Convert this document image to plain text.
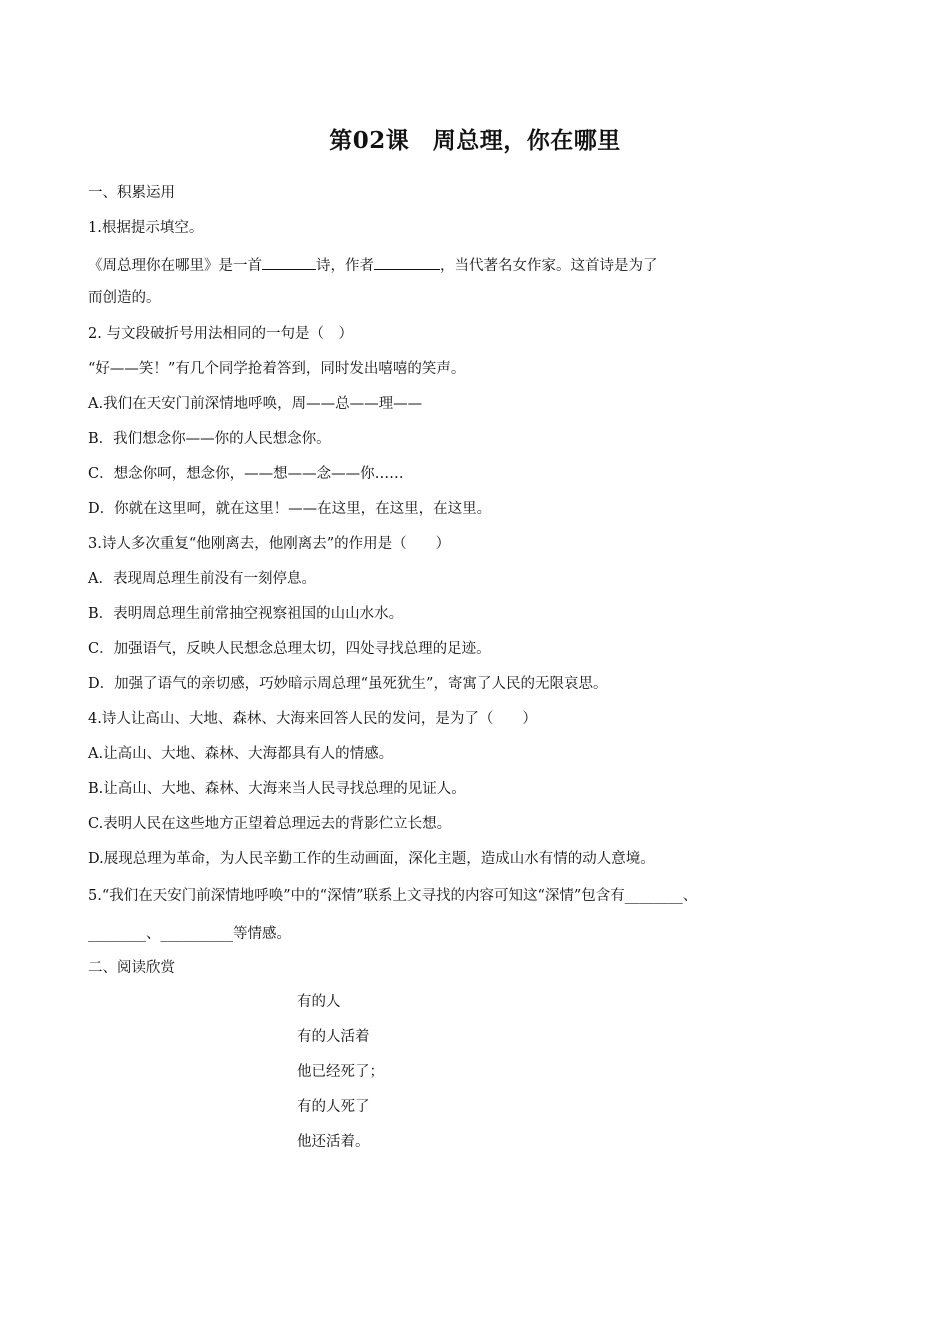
第02课　周总理，你在哪里
一、积累运用
1.根据提示填空。
《周总理你在哪里》是一首	诗，作者	，当代著名女作家。这首诗是为了
而创造的。
2. 与文段破折号用法相同的一句是（　）
“好——笑！”有几个同学抢着答到，同时发出嘻嘻的笑声。
A.我们在天安门前深情地呼唤，周——总——理——
B．我们想念你——你的人民想念你。
C．想念你呵，想念你，——想——念——你……
D．你就在这里呵，就在这里！——在这里，在这里，在这里。
3.诗人多次重复“他刚离去，他刚离去”的作用是（　　）
A．表现周总理生前没有一刻停息。
B．表明周总理生前常抽空视察祖国的山山水水。
C．加强语气，反映人民想念总理太切，四处寻找总理的足迹。
D．加强了语气的亲切感，巧妙暗示周总理“虽死犹生”，寄寓了人民的无限哀思。
4.诗人让高山、大地、森林、大海来回答人民的发问，是为了（　　）
A.让高山、大地、森林、大海都具有人的情感。
B.让高山、大地、森林、大海来当人民寻找总理的见证人。
C.表明人民在这些地方正望着总理远去的背影伫立长想。
D.展现总理为革命，为人民辛勤工作的生动画面，深化主题，造成山水有情的动人意境。
5.“我们在天安门前深情地呼唤”中的“深情”联系上文寻找的内容可知这“深情”包含有________、
________、__________等情感。
二、阅读欣赏
有的人
有的人活着
他已经死了；
有的人死了
他还活着。
